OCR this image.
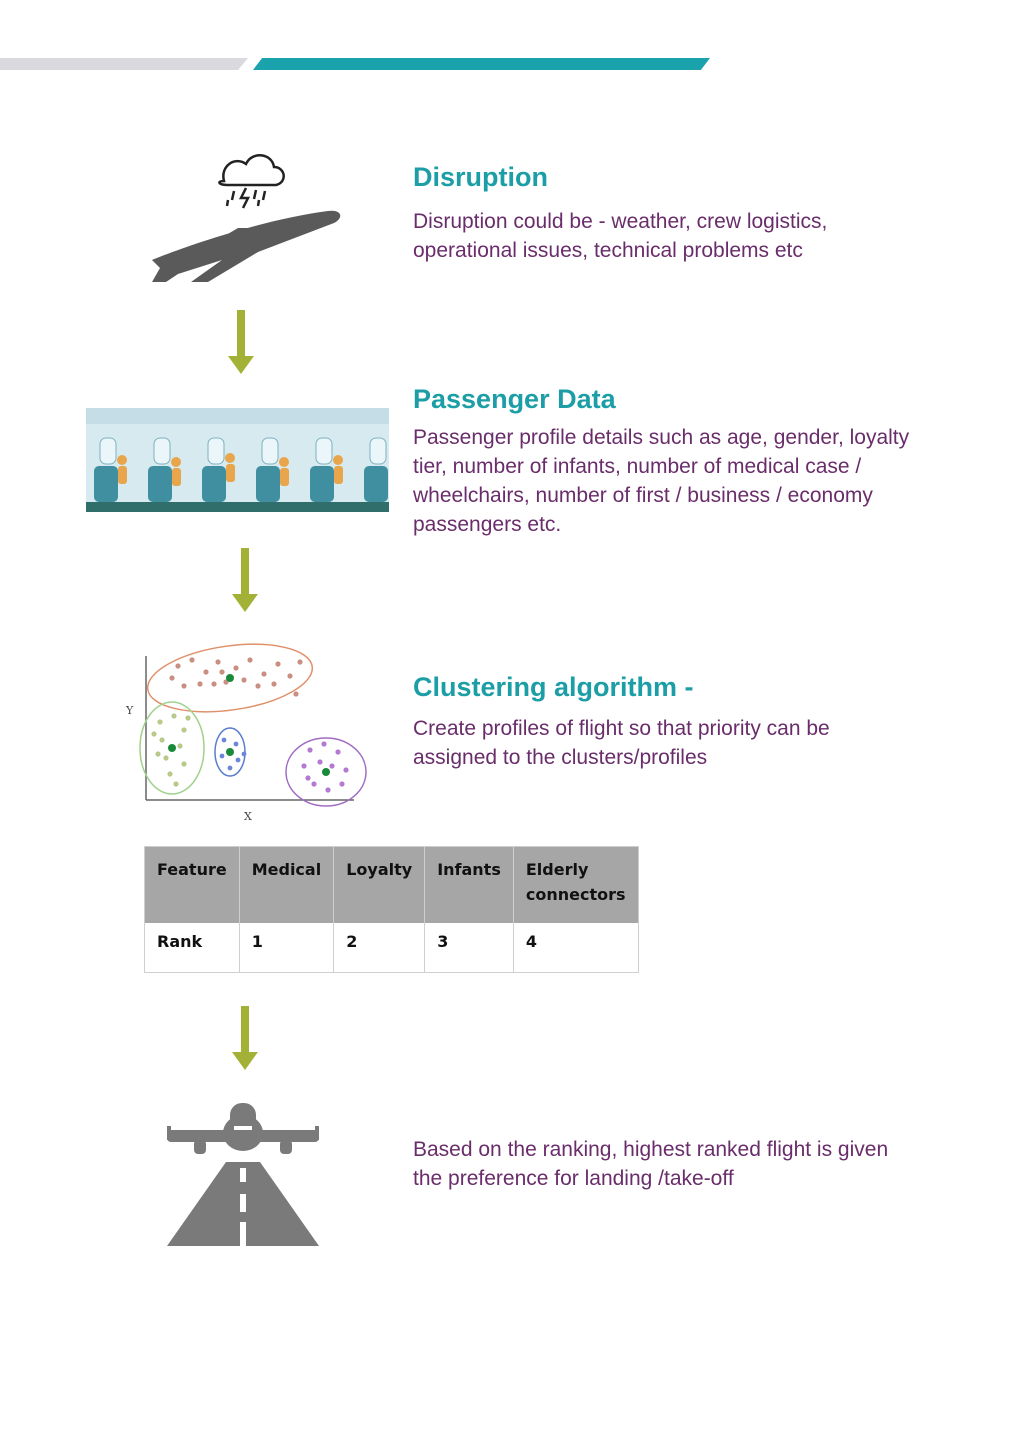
Disruption
Disruption could be - weather, crew logistics, operational issues, technical problems etc
Passenger Data
Passenger profile details such as age, gender, loyalty tier, number of infants, number of medical case / wheelchairs, number of first / business / economy passengers etc.
Y
X
Clustering algorithm -
Create profiles of flight so that priority can be assigned to the clusters/profiles
Feature	Medical	Loyalty	Infants	Elderly connectors
Rank	1	2	3	4
Based on the ranking, highest ranked flight is given the preference for landing /take-off
